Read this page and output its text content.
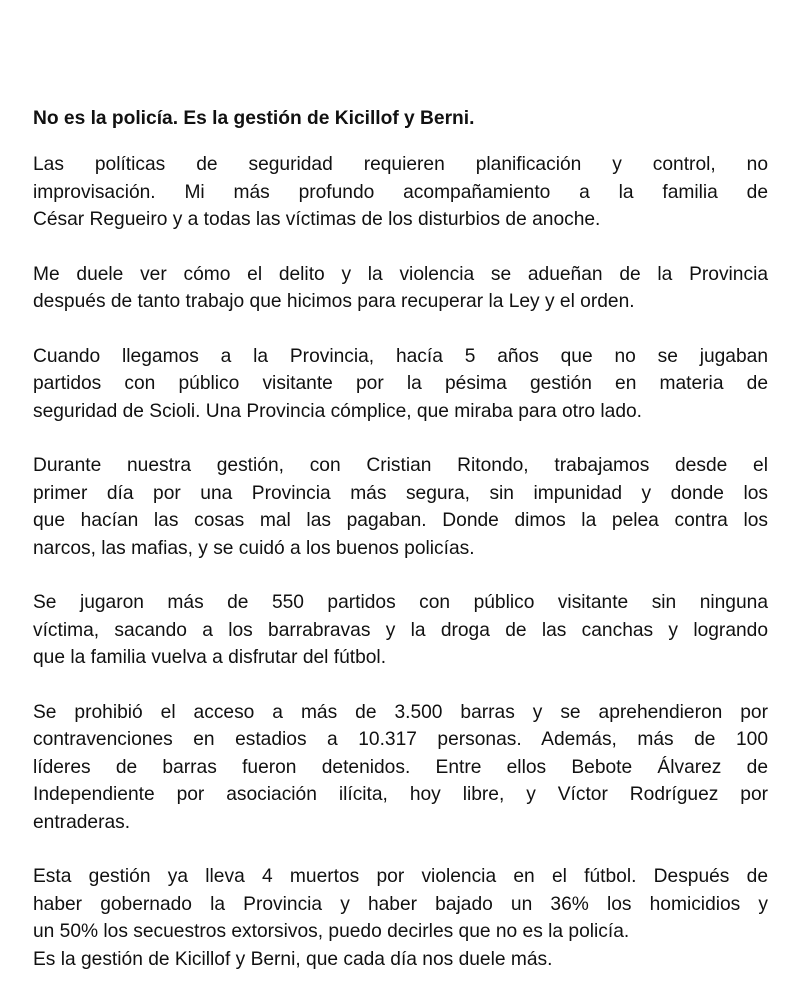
No es la policía. Es la gestión de Kicillof y Berni.
Las políticas de seguridad requieren planificación y control, no
improvisación. Mi más profundo acompañamiento a la familia de
César Regueiro y a todas las víctimas de los disturbios de anoche.
Me duele ver cómo el delito y la violencia se adueñan de la Provincia
después de tanto trabajo que hicimos para recuperar la Ley y el orden.
Cuando llegamos a la Provincia, hacía 5 años que no se jugaban
partidos con público visitante por la pésima gestión en materia de
seguridad de Scioli. Una Provincia cómplice, que miraba para otro lado.
Durante nuestra gestión, con Cristian Ritondo, trabajamos desde el
primer día por una Provincia más segura, sin impunidad y donde los
que hacían las cosas mal las pagaban. Donde dimos la pelea contra los
narcos, las mafias, y se cuidó a los buenos policías.
Se jugaron más de 550 partidos con público visitante sin ninguna
víctima, sacando a los barrabravas y la droga de las canchas y logrando
que la familia vuelva a disfrutar del fútbol.
Se prohibió el acceso a más de 3.500 barras y se aprehendieron por
contravenciones en estadios a 10.317 personas. Además, más de 100
líderes de barras fueron detenidos. Entre ellos Bebote Álvarez de
Independiente por asociación ilícita, hoy libre, y Víctor Rodríguez por
entraderas.
Esta gestión ya lleva 4 muertos por violencia en el fútbol. Después de
haber gobernado la Provincia y haber bajado un 36% los homicidios y
un 50% los secuestros extorsivos, puedo decirles que no es la policía.
Es la gestión de Kicillof y Berni, que cada día nos duele más.
